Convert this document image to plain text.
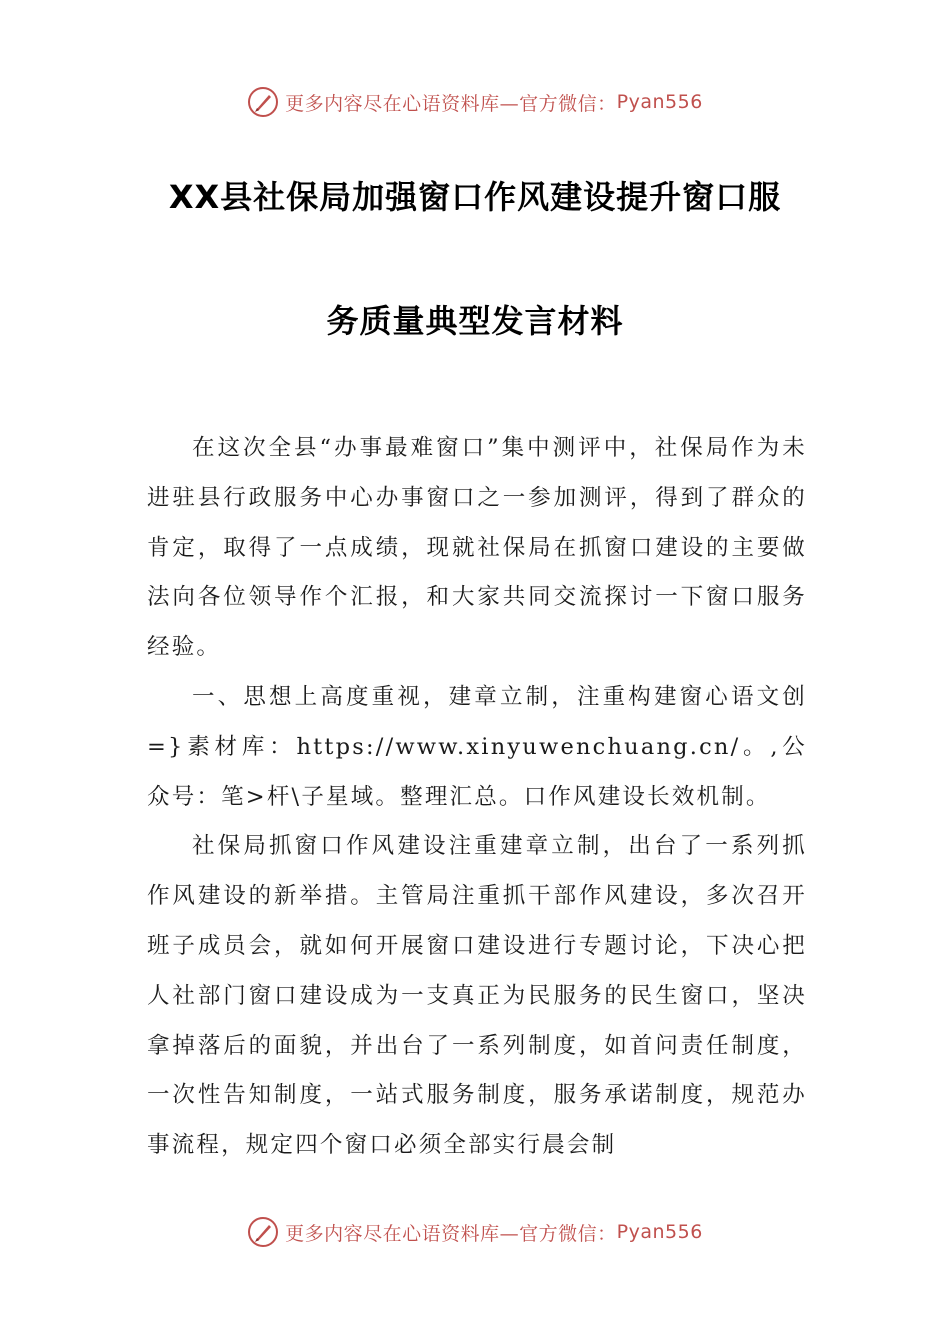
更多内容尽在心语资料库—官方微信： Pyan556
XX县社保局加强窗口作风建设提升窗口服
务质量典型发言材料

在这次全县“办事最难窗口”集中测评中，社保局作为未进驻县行政服务中心办事窗口之一参加测评，得到了群众的肯定，取得了一点成绩，现就社保局在抓窗口建设的主要做法向各位领导作个汇报，和大家共同交流探讨一下窗口服务经验。

一、思想上高度重视，建章立制，注重构建窗心语文创=}素材库：https://www.xinyuwenchuang.cn/。,公众号：笔>杆\子星域。整理汇总。口作风建设长效机制。

社保局抓窗口作风建设注重建章立制，出台了一系列抓作风建设的新举措。主管局注重抓干部作风建设，多次召开班子成员会，就如何开展窗口建设进行专题讨论，下决心把人社部门窗口建设成为一支真正为民服务的民生窗口，坚决拿掉落后的面貌，并出台了一系列制度，如首问责任制度，一次性告知制度，一站式服务制度，服务承诺制度，规范办事流程，规定四个窗口必须全部实行晨会制

更多内容尽在心语资料库—官方微信： Pyan556
